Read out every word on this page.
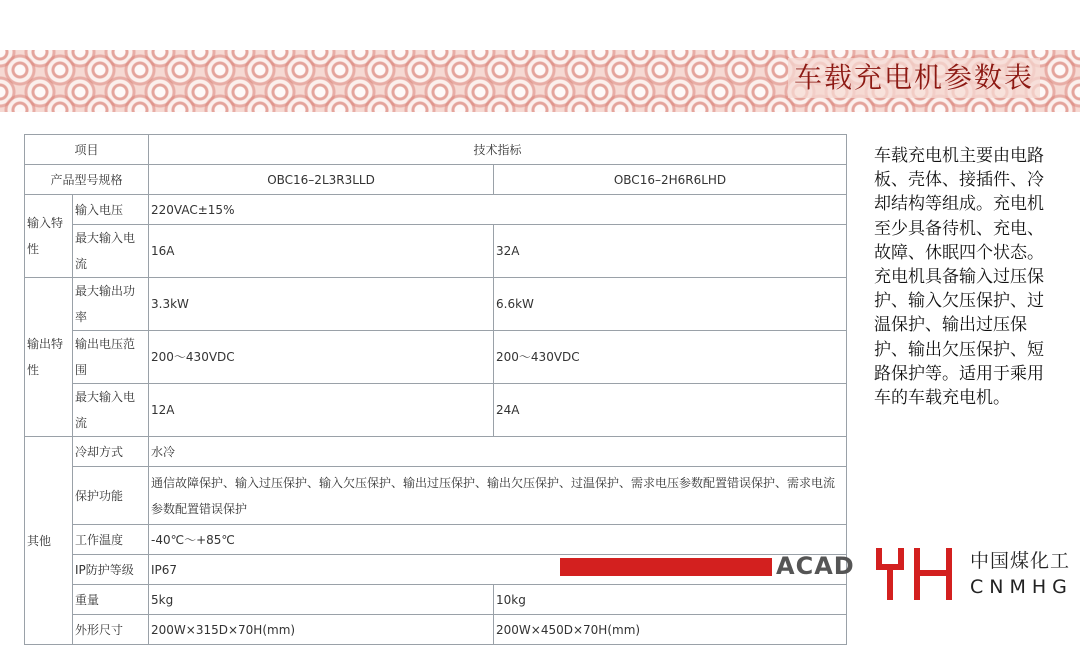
车载充电机参数表
项目		技术指标	
产品型号规格		OBC16–2L3R3LLD	OBC16–2H6R6LHD
输入特性	输入电压	220VAC±15%	
	最大输入电流	16A	32A
输出特性	最大输出功率	3.3kW	6.6kW
	输出电压范围	200～430VDC	200～430VDC
	最大输入电流	12A	24A
其他	冷却方式	水冷	
	保护功能	通信故障保护、输入过压保护、输入欠压保护、输出过压保护、输出欠压保护、过温保护、需求电压参数配置错误保护、需求电流参数配置错误保护	
	工作温度	-40℃～+85℃	
	IP防护等级	IP67	
	重量	5kg	10kg
	外形尺寸	200W×315D×70H(mm)	200W×450D×70H(mm)
车载充电机主要由电路板、壳体、接插件、冷却结构等组成。充电机至少具备待机、充电、故障、休眠四个状态。充电机具备输入过压保护、输入欠压保护、过温保护、输出过压保护、输出欠压保护、短路保护等。适用于乘用车的车载充电机。
ACAD	中国煤化工
CNMHG
